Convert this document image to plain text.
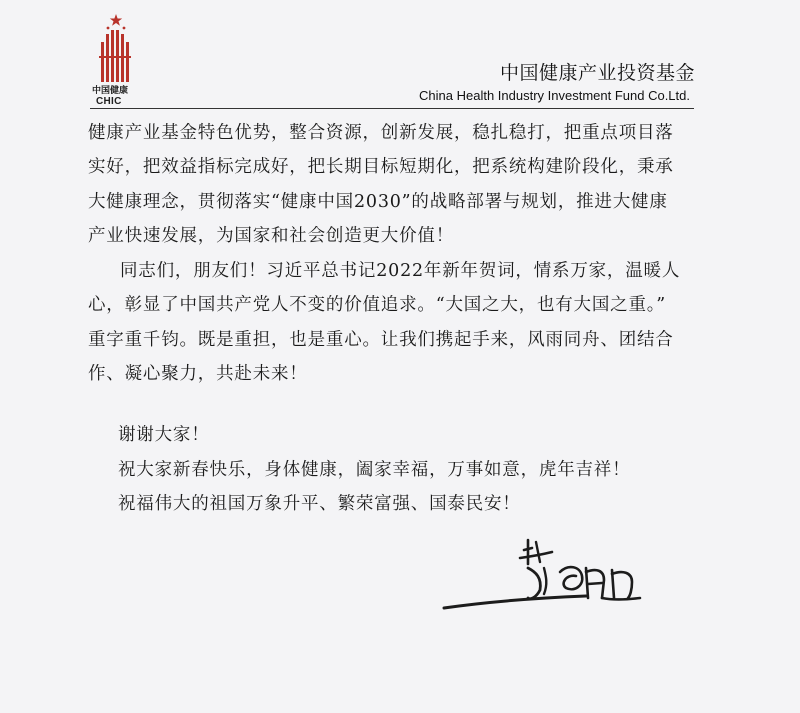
中国健康
CHIC
中国健康产业投资基金
China Health Industry Investment Fund Co.Ltd.

健康产业基金特色优势，整合资源，创新发展，稳扎稳打，把重点项目落

实好，把效益指标完成好，把长期目标短期化，把系统构建阶段化，秉承

大健康理念，贯彻落实“健康中国2030”的战略部署与规划，推进大健康

产业快速发展，为国家和社会创造更大价值！

同志们，朋友们！习近平总书记2022年新年贺词，情系万家，温暖人

心，彰显了中国共产党人不变的价值追求。“大国之大，也有大国之重。”

重字重千钧。既是重担，也是重心。让我们携起手来，风雨同舟、团结合

作、凝心聚力，共赴未来！

谢谢大家！

祝大家新春快乐，身体健康，阖家幸福，万事如意，虎年吉祥！

祝福伟大的祖国万象升平、繁荣富强、国泰民安！
